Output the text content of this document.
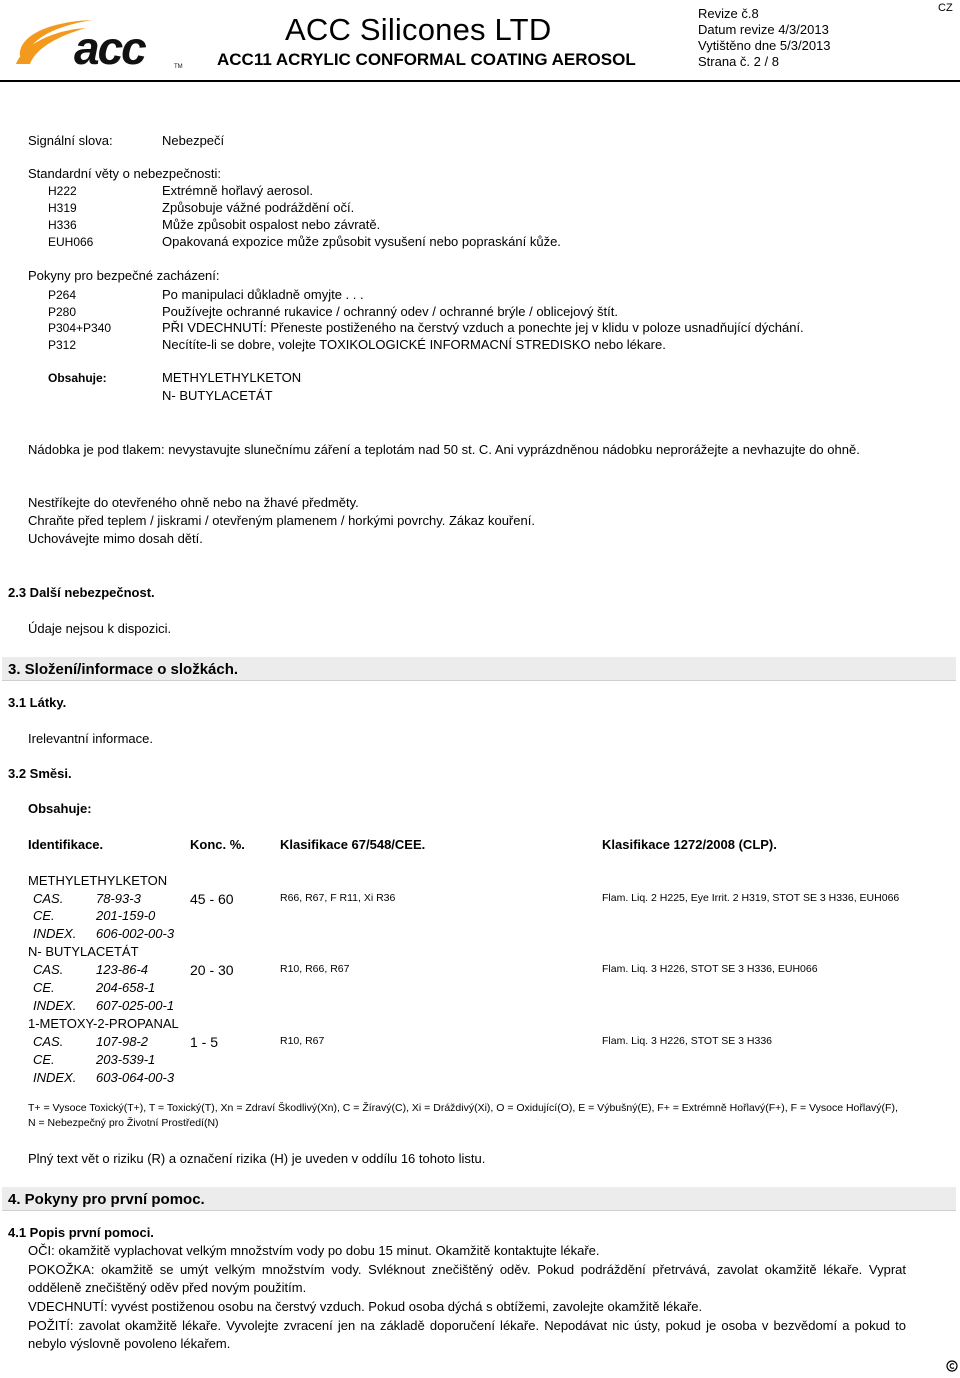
acc	TM
ACC Silicones LTD
ACC11 ACRYLIC CONFORMAL COATING AEROSOL
Revize č.8
Datum revize 4/3/2013
Vytištěno dne 5/3/2013
Strana č. 2 / 8
CZ
Signální slova:	Nebezpečí
Standardní věty o nebezpečnosti:
H222	Extrémně hořlavý aerosol.
H319	Způsobuje vážné podráždění očí.
H336	Může způsobit ospalost nebo závratě.
EUH066	Opakovaná expozice může způsobit vysušení nebo popraskání kůže.
Pokyny pro bezpečné zacházení:
P264	Po manipulaci důkladně omyjte . . .
P280	Používejte ochranné rukavice / ochranný odev / ochranné brýle / oblicejový štít.
P304+P340	PŘI VDECHNUTÍ: Přeneste postiženého na čerstvý vzduch a ponechte jej v klidu v poloze usnadňující dýchání.
P312	Necítíte-li se dobre, volejte TOXIKOLOGICKÉ INFORMACNÍ STREDISKO nebo lékare.
Obsahuje:	METHYLETHYLKETON
N- BUTYLACETÁT
Nádobka je pod tlakem: nevystavujte slunečnímu záření a teplotám nad 50 st. C. Ani vyprázdněnou nádobku neprorážejte a nevhazujte do ohně.
Nestříkejte do otevřeného ohně nebo na žhavé předměty.
Chraňte před teplem / jiskrami / otevřeným plamenem / horkými povrchy. Zákaz kouření.
Uchovávejte mimo dosah dětí.
2.3 Další nebezpečnost.
Údaje nejsou k dispozici.
3. Složení/informace o složkách.
3.1 Látky.
Irelevantní informace.
3.2 Směsi.
Obsahuje:
Identifikace.	Konc. %.	Klasifikace 67/548/CEE.	Klasifikace 1272/2008 (CLP).
METHYLETHYLKETON
CAS.	78-93-3	45 - 60	R66, R67, F R11, Xi R36	Flam. Liq. 2 H225, Eye Irrit. 2 H319, STOT SE 3 H336, EUH066
CE.	201-159-0
INDEX. 606-002-00-3
N- BUTYLACETÁT
CAS.	123-86-4	20 - 30	R10, R66, R67	Flam. Liq. 3 H226, STOT SE 3 H336, EUH066
CE.	204-658-1
INDEX. 607-025-00-1
1-METOXY-2-PROPANAL
CAS.	107-98-2	1 - 5	R10, R67	Flam. Liq. 3 H226, STOT SE 3 H336
CE.	203-539-1
INDEX. 603-064-00-3
T+ = Vysoce Toxický(T+), T = Toxický(T), Xn = Zdraví Škodlivý(Xn), C = Žíravý(C), Xi = Dráždivý(Xi), O = Oxidující(O), E = Výbušný(E), F+ = Extrémně Hořlavý(F+), F = Vysoce Hořlavý(F), N = Nebezpečný pro Životní Prostředí(N)
Plný text vět o riziku (R) a označení rizika (H) je uveden v oddílu 16 tohoto listu.
4. Pokyny pro první pomoc.
4.1 Popis první pomoci.
OČI: okamžitě vyplachovat velkým množstvím vody po dobu 15 minut. Okamžitě kontaktujte lékaře.
POKOŽKA: okamžitě se umýt velkým množstvím vody. Svléknout znečištěný oděv. Pokud podráždění přetrvává, zavolat okamžitě lékaře. Vyprat odděleně znečištěný oděv před novým použitím.
VDECHNUTÍ: vyvést postiženou osobu na čerstvý vzduch. Pokud osoba dýchá s obtížemi, zavolejte okamžitě lékaře.
POŽITÍ: zavolat okamžitě lékaře. Vyvolejte zvracení jen na základě doporučení lékaře. Nepodávat nic ústy, pokud je osoba v bezvědomí a pokud to nebylo výslovně povoleno lékařem.
